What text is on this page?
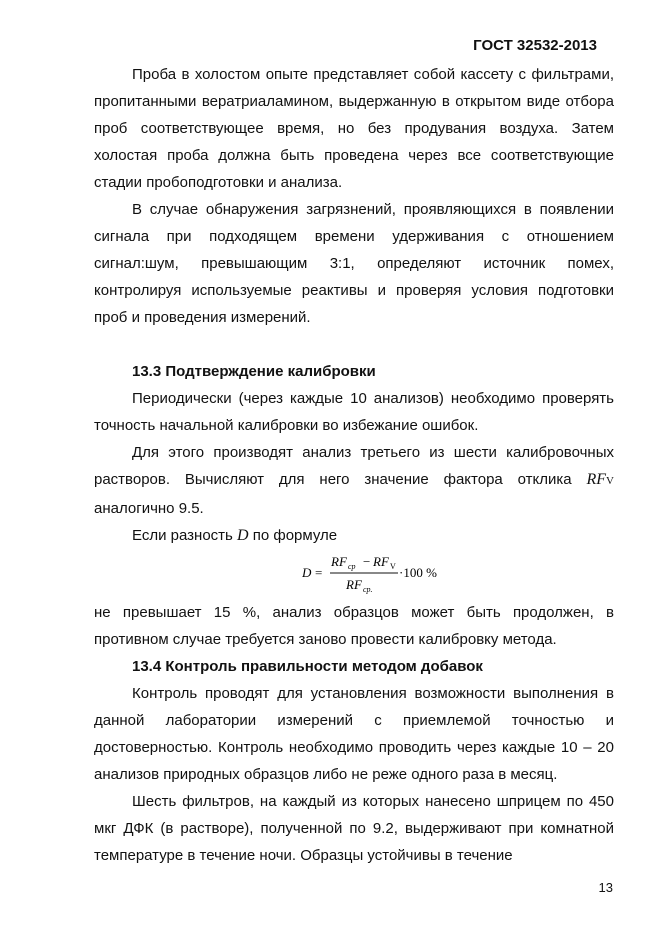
ГОСТ 32532-2013

Проба в холостом опыте представляет собой кассету с фильтрами, пропитанными вератриаламином, выдержанную в открытом виде отбора проб соответствующее время, но без продувания воздуха. Затем холостая проба должна быть проведена через все соответствующие стадии пробоподготовки и анализа.

В случае обнаружения загрязнений, проявляющихся в появлении сигнала при подходящем времени удерживания с отношением сигнал:шум, превышающим 3:1, определяют источник помех, контролируя используемые реактивы и проверяя условия подготовки проб и проведения измерений.

13.3 Подтверждение калибровки

Периодически (через каждые 10 анализов) необходимо проверять точность начальной калибровки во избежание ошибок.

Для этого производят анализ третьего из шести калибровочных растворов. Вычисляют для него значение фактора отклика RFV аналогично 9.5.

Если разность D по формуле

D =
RF ср − RF V
RF ср.
·100 %

не превышает 15 %, анализ образцов может быть продолжен, в противном случае требуется заново провести калибровку метода.

13.4 Контроль правильности методом добавок

Контроль проводят для установления возможности выполнения в данной лаборатории измерений с приемлемой точностью и достоверностью. Контроль необходимо проводить через каждые 10 – 20 анализов природных образцов либо не реже одного раза в месяц.

Шесть фильтров, на каждый из которых нанесено шприцем по 450 мкг ДФК (в растворе), полученной по 9.2, выдерживают при комнатной температуре в течение ночи. Образцы устойчивы в течение

13
